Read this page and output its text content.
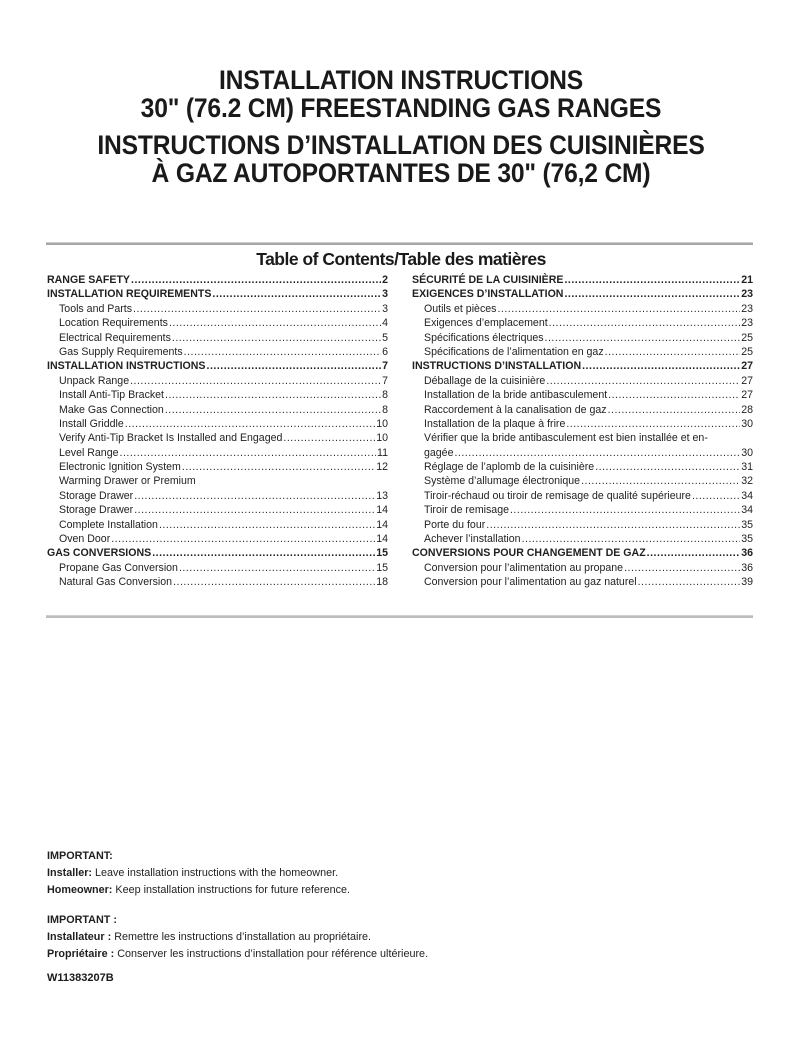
INSTALLATION INSTRUCTIONS
30" (76.2 CM) FREESTANDING GAS RANGES
INSTRUCTIONS D’INSTALLATION DES CUISINIÈRES
À GAZ AUTOPORTANTES DE 30" (76,2 CM)
Table of Contents/Table des matières
RANGE SAFETY .....	2
INSTALLATION REQUIREMENTS .....	3
Tools and Parts .....	3
Location Requirements .....	4
Electrical Requirements .....	5
Gas Supply Requirements .....	6
INSTALLATION INSTRUCTIONS .....	7
Unpack Range .....	7
Install Anti-Tip Bracket .....	8
Make Gas Connection .....	8
Install Griddle .....	10
Verify Anti-Tip Bracket Is Installed and Engaged .....	10
Level Range .....	11
Electronic Ignition System .....	12
Warming Drawer or Premium
Storage Drawer .....	13
Storage Drawer .....	14
Complete Installation .....	14
Oven Door .....	14
GAS CONVERSIONS .....	15
Propane Gas Conversion .....	15
Natural Gas Conversion .....	18
SÉCURITÉ DE LA CUISINIÈRE .....	21
EXIGENCES D’INSTALLATION .....	23
Outils et pièces .....	23
Exigences d’emplacement .....	23
Spécifications électriques .....	25
Spécifications de l’alimentation en gaz .....	25
INSTRUCTIONS D’INSTALLATION .....	27
Déballage de la cuisinière .....	27
Installation de la bride antibasculement .....	27
Raccordement à la canalisation de gaz .....	28
Installation de la plaque à frire .....	30
Vérifier que la bride antibasculement est bien installée et en-
gagée .....	30
Réglage de l’aplomb de la cuisinière .....	31
Système d’allumage électronique .....	32
Tiroir-réchaud ou tiroir de remisage de qualité supérieure .....	34
Tiroir de remisage .....	34
Porte du four .....	35
Achever l’installation .....	35
CONVERSIONS POUR CHANGEMENT DE GAZ .....	36
Conversion pour l’alimentation au propane .....	36
Conversion pour l’alimentation au gaz naturel .....	39
IMPORTANT:
Installer: Leave installation instructions with the homeowner.
Homeowner: Keep installation instructions for future reference.
IMPORTANT :
Installateur : Remettre les instructions d’installation au propriétaire.
Propriétaire : Conserver les instructions d’installation pour référence ultérieure.
W11383207B
